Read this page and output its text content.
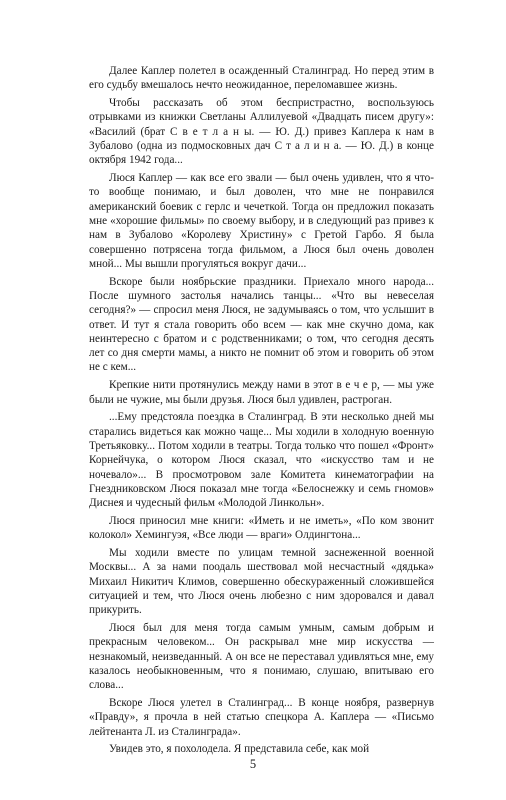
Далее Каплер полетел в осажденный Сталинград. Но перед этим в его судьбу вмешалось нечто неожиданное, переломавшее жизнь.

Чтобы рассказать об этом беспристрастно, воспользуюсь отрывками из книжки Светланы Аллилуевой «Двадцать писем другу»: «Василий (брат С в е т л а н ы. — Ю. Д.) привез Каплера к нам в Зубалово (одна из подмосковных дач С т а л и н а. — Ю. Д.) в конце октября 1942 года...

Люся Каплер — как все его звали — был очень удивлен, что я что-то вообще понимаю, и был доволен, что мне не понравился американский боевик с герлс и чечеткой. Тогда он предложил показать мне «хорошие фильмы» по своему выбору, и в следующий раз привез к нам в Зубалово «Королеву Христину» с Гретой Гарбо. Я была совершенно потрясена тогда фильмом, а Люся был очень доволен мной... Мы вышли прогуляться вокруг дачи...

Вскоре были ноябрьские праздники. Приехало много народа... После шумного застолья начались танцы... «Что вы невеселая сегодня?» — спросил меня Люся, не задумываясь о том, что услышит в ответ. И тут я стала говорить обо всем — как мне скучно дома, как неинтересно с братом и с родственниками; о том, что сегодня десять лет со дня смерти мамы, а никто не помнит об этом и говорить об этом не с кем...

Крепкие нити протянулись между нами в этот в е ч е р, — мы уже были не чужие, мы были друзья. Люся был удивлен, растроган.

...Ему предстояла поездка в Сталинград. В эти несколько дней мы старались видеться как можно чаще... Мы ходили в холодную военную Третьяковку... Потом ходили в театры. Тогда только что пошел «Фронт» Корнейчука, о котором Люся сказал, что «искусство там и не ночевало»... В просмотровом зале Комитета кинематографии на Гнездниковском Люся показал мне тогда «Белоснежку и семь гномов» Диснея и чудесный фильм «Молодой Линкольн».

Люся приносил мне книги: «Иметь и не иметь», «По ком звонит колокол» Хемингуэя, «Все люди — враги» Олдингтона...

Мы ходили вместе по улицам темной заснеженной военной Москвы... А за нами поодаль шествовал мой несчастный «дядька» Михаил Никитич Климов, совершенно обескураженный сложившейся ситуацией и тем, что Люся очень любезно с ним здоровался и давал прикурить.

Люся был для меня тогда самым умным, самым добрым и прекрасным человеком... Он раскрывал мне мир искусства — незнакомый, неизведанный. А он все не переставал удивляться мне, ему казалось необыкновенным, что я понимаю, слушаю, впитываю его слова...

Вскоре Люся улетел в Сталинград... В конце ноября, развернув «Правду», я прочла в ней статью спецкора А. Каплера — «Письмо лейтенанта Л. из Сталинграда».

Увидев это, я похолодела. Я представила себе, как мой

5
